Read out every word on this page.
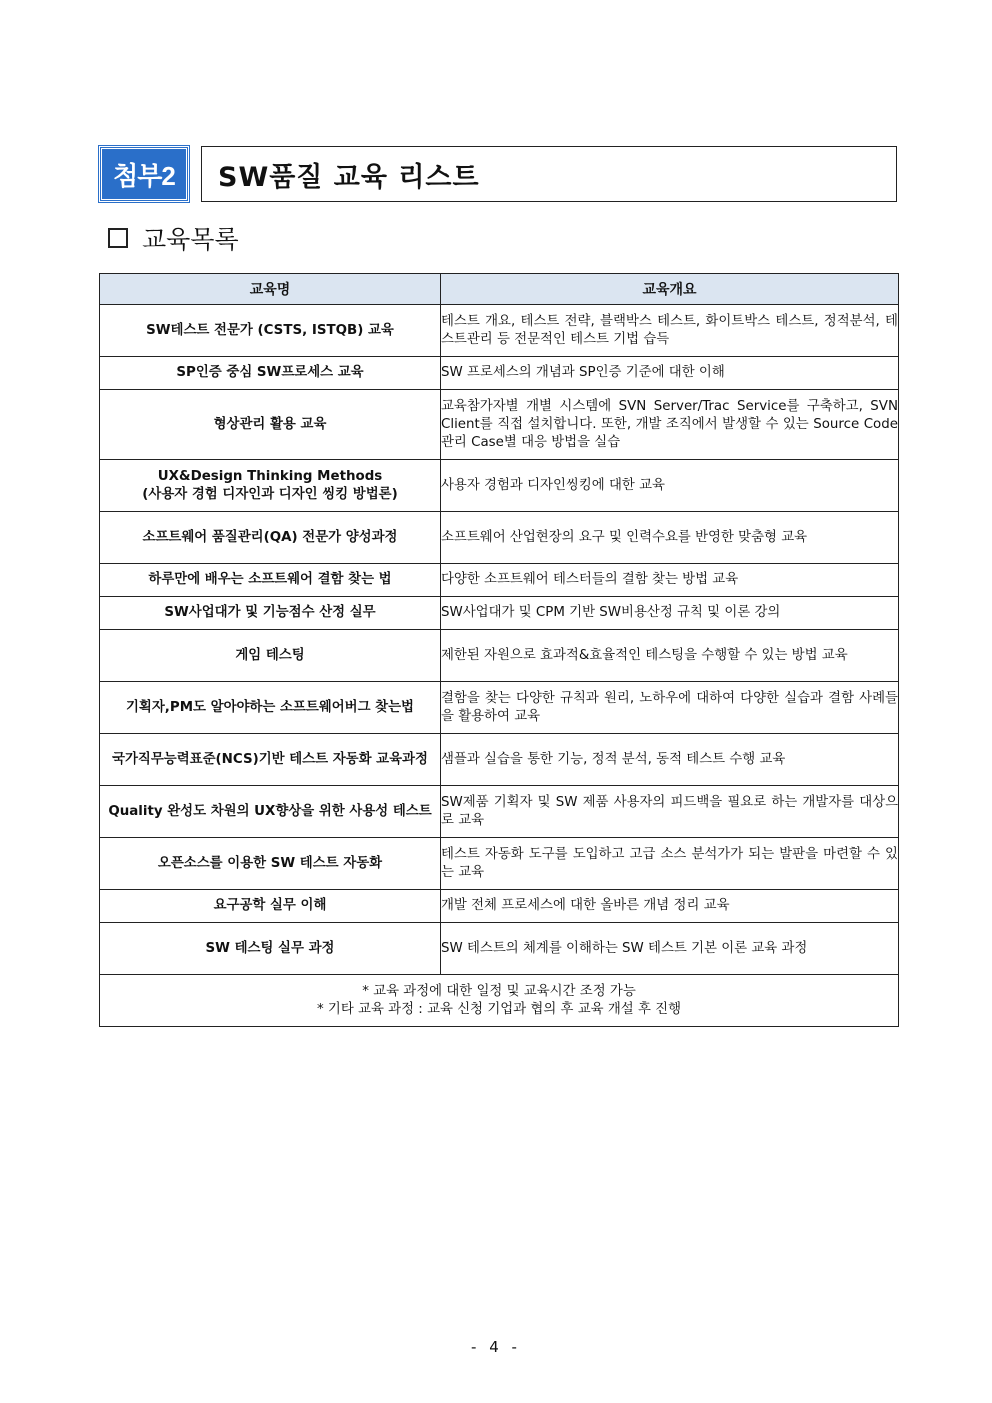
첨부2	SW품질 교육 리스트
교육목록
교육명	교육개요
SW테스트 전문가 (CSTS, ISTQB) 교육	테스트 개요, 테스트 전략, 블랙박스 테스트, 화이트박스 테스트, 정적분석, 테스트관리 등 전문적인 테스트 기법 습득
SP인증 중심 SW프로세스 교육	SW 프로세스의 개념과 SP인증 기준에 대한 이해
형상관리 활용 교육	교육참가자별 개별 시스템에 SVN Server/Trac Service를 구축하고, SVN Client를 직접 설치합니다. 또한, 개발 조직에서 발생할 수 있는 Source Code 관리 Case별 대응 방법을 실습
UX&Design Thinking Methods
(사용자 경험 디자인과 디자인 씽킹 방법론)	사용자 경험과 디자인씽킹에 대한 교육
소프트웨어 품질관리(QA) 전문가 양성과정	소프트웨어 산업현장의 요구 및 인력수요를 반영한 맞춤형 교육
하루만에 배우는 소프트웨어 결함 찾는 법	다양한 소프트웨어 테스터들의 결함 찾는 방법 교육
SW사업대가 및 기능점수 산정 실무	SW사업대가 및 CPM 기반 SW비용산정 규칙 및 이론 강의
게임 테스팅	제한된 자원으로 효과적&효율적인 테스팅을 수행할 수 있는 방법 교육
기획자,PM도 알아야하는 소프트웨어버그 찾는법	결함을 찾는 다양한 규칙과 원리, 노하우에 대하여 다양한 실습과 결함 사례들을 활용하여 교육
국가직무능력표준(NCS)기반 테스트 자동화 교육과정	샘플과 실습을 통한 기능, 정적 분석, 동적 테스트 수행 교육
Quality 완성도 차원의 UX향상을 위한 사용성 테스트	SW제품 기획자 및 SW 제품 사용자의 피드백을 필요로 하는 개발자를 대상으로 교육
오픈소스를 이용한 SW 테스트 자동화	테스트 자동화 도구를 도입하고 고급 소스 분석가가 되는 발판을 마련할 수 있는 교육
요구공학 실무 이해	개발 전체 프로세스에 대한 올바른 개념 정리 교육
SW 테스팅 실무 과정	SW 테스트의 체계를 이해하는 SW 테스트 기본 이론 교육 과정

* 교육 과정에 대한 일정 및 교육시간 조정 가능
* 기타 교육 과정 : 교육 신청 기업과 협의 후 교육 개설 후 진행	
- 4 -
